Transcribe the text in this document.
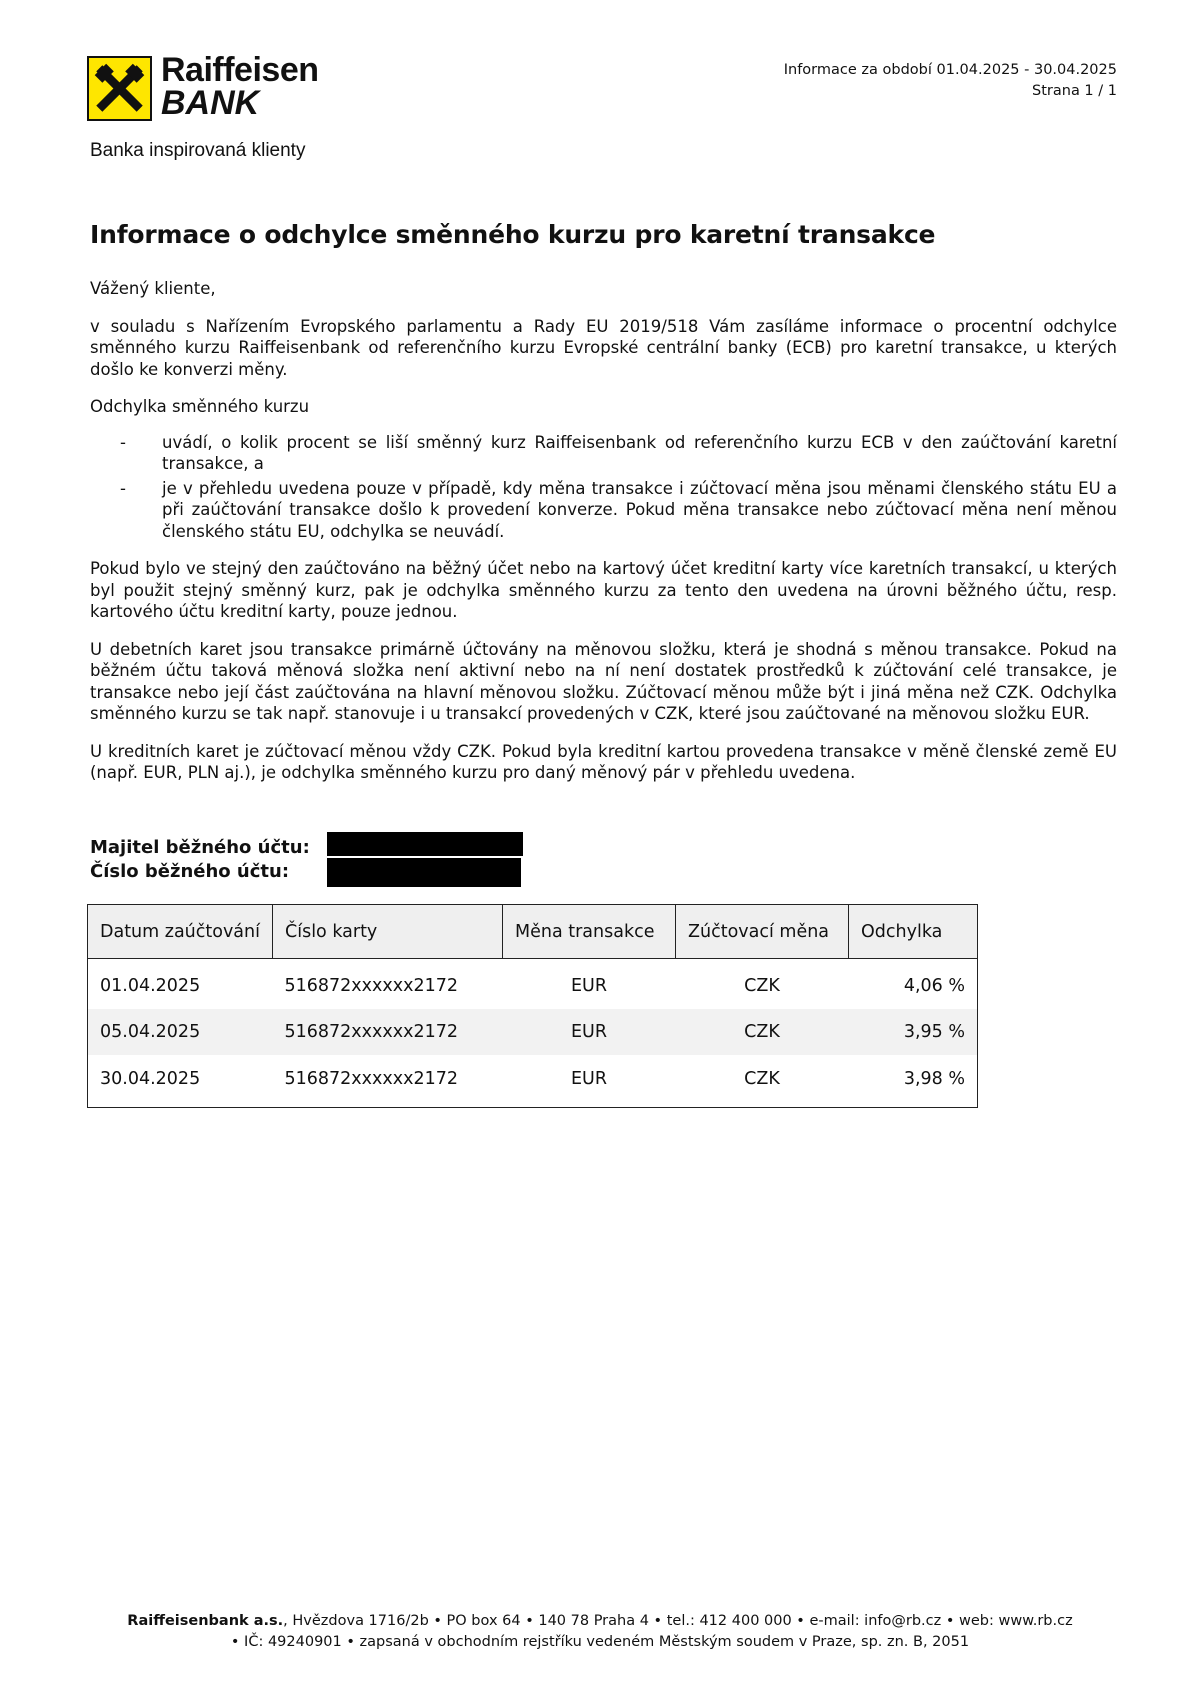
Raiffeisen
BANK
Banka inspirovaná klienty
Informace za období 01.04.2025 - 30.04.2025
Strana 1 / 1
Informace o odchylce směnného kurzu pro karetní transakce

Vážený kliente,

v souladu s Nařízením Evropského parlamentu a Rady EU 2019/518 Vám zasíláme informace o procentní odchylce směnného kurzu Raiffeisenbank od referenčního kurzu Evropské centrální banky (ECB) pro karetní transakce, u kterých došlo ke konverzi měny.

Odchylka směnného kurzu

- uvádí, o kolik procent se liší směnný kurz Raiffeisenbank od referenčního kurzu ECB v den zaúčtování karetní transakce, a
- je v přehledu uvedena pouze v případě, kdy měna transakce i zúčtovací měna jsou měnami členského státu EU a při zaúčtování transakce došlo k provedení konverze. Pokud měna transakce nebo zúčtovací měna není měnou členského státu EU, odchylka se neuvádí.

Pokud bylo ve stejný den zaúčtováno na běžný účet nebo na kartový účet kreditní karty více karetních transakcí, u kterých byl použit stejný směnný kurz, pak je odchylka směnného kurzu za tento den uvedena na úrovni běžného účtu, resp. kartového účtu kreditní karty, pouze jednou.

U debetních karet jsou transakce primárně účtovány na měnovou složku, která je shodná s měnou transakce. Pokud na běžném účtu taková měnová složka není aktivní nebo na ní není dostatek prostředků k zúčtování celé transakce, je transakce nebo její část zaúčtována na hlavní měnovou složku. Zúčtovací měnou může být i jiná měna než CZK. Odchylka směnného kurzu se tak např. stanovuje i u transakcí provedených v CZK, které jsou zaúčtované na měnovou složku EUR.

U kreditních karet je zúčtovací měnou vždy CZK. Pokud byla kreditní kartou provedena transakce v měně členské země EU (např. EUR, PLN aj.), je odchylka směnného kurzu pro daný měnový pár v přehledu uvedena.

Majitel běžného účtu:
Číslo běžného účtu:
Datum zaúčtování	Číslo karty	Měna transakce	Zúčtovací měna	Odchylka
01.04.2025	516872xxxxxx2172	EUR	CZK	4,06 %
05.04.2025	516872xxxxxx2172	EUR	CZK	3,95 %
30.04.2025	516872xxxxxx2172	EUR	CZK	3,98 %
Raiffeisenbank a.s., Hvězdova 1716/2b • PO box 64 • 140 78 Praha 4 • tel.: 412 400 000 • e-mail: info@rb.cz • web: www.rb.cz
• IČ: 49240901 • zapsaná v obchodním rejstříku vedeném Městským soudem v Praze, sp. zn. B, 2051
